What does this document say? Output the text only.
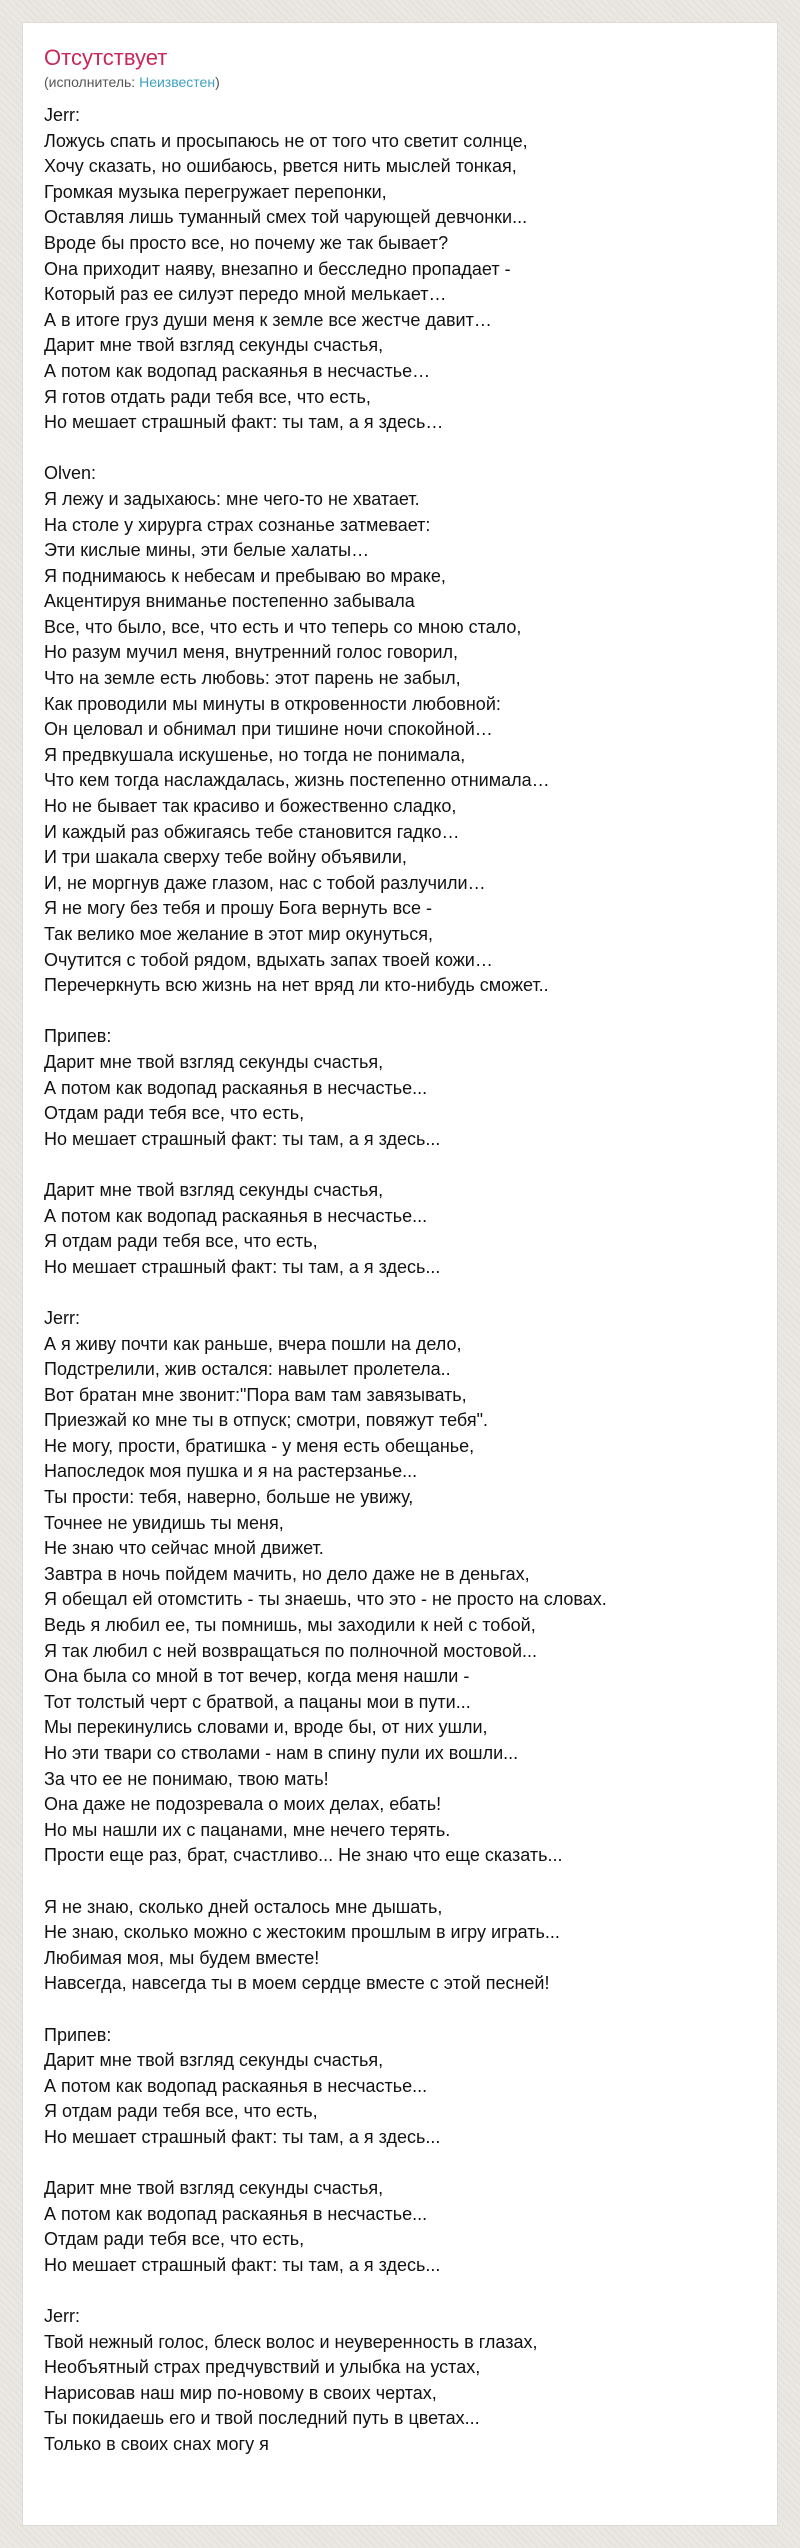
Отсутствует
(исполнитель: Неизвестен)
Jerr:
Ложусь спать и просыпаюсь не от того что светит солнце,
Хочу сказать, но ошибаюсь, рвется нить мыслей тонкая,
Громкая музыка перегружает перепонки,
Оставляя лишь туманный смех той чарующей девчонки...
Вроде бы просто все, но почему же так бывает?
Она приходит наяву, внезапно и бесследно пропадает -
Который раз ее силуэт передо мной мелькает…
А в итоге груз души меня к земле все жестче давит…
Дарит мне твой взгляд секунды счастья,
А потом как водопад раскаянья в несчастье…
Я готов отдать ради тебя все, что есть,
Но мешает страшный факт: ты там, а я здесь…

Olven:
Я лежу и задыхаюсь: мне чего-то не хватает.
На столе у хирурга страх сознанье затмевает:
Эти кислые мины, эти белые халаты…
Я поднимаюсь к небесам и пребываю во мраке,
Акцентируя вниманье постепенно забывала
Все, что было, все, что есть и что теперь со мною стало,
Но разум мучил меня, внутренний голос говорил,
Что на земле есть любовь: этот парень не забыл,
Как проводили мы минуты в откровенности любовной:
Он целовал и обнимал при тишине ночи спокойной…
Я предвкушала искушенье, но тогда не понимала,
Что кем тогда наслаждалась, жизнь постепенно отнимала…
Но не бывает так красиво и божественно сладко,
И каждый раз обжигаясь тебе становится гадко…
И три шакала сверху тебе войну объявили,
И, не моргнув даже глазом, нас с тобой разлучили…
Я не могу без тебя и прошу Бога вернуть все -
Так велико мое желание в этот мир окунуться,
Очутится с тобой рядом, вдыхать запах твоей кожи…
Перечеркнуть всю жизнь на нет вряд ли кто-нибудь сможет..

Припев:
Дарит мне твой взгляд секунды счастья,
А потом как водопад раскаянья в несчастье...
Отдам ради тебя все, что есть,
Но мешает страшный факт: ты там, а я здесь...

Дарит мне твой взгляд секунды счастья,
А потом как водопад раскаянья в несчастье...
Я отдам ради тебя все, что есть,
Но мешает страшный факт: ты там, а я здесь...

Jerr:
А я живу почти как раньше, вчера пошли на дело,
Подстрелили, жив остался: навылет пролетела..
Вот братан мне звонит:"Пора вам там завязывать,
Приезжай ко мне ты в отпуск; смотри, повяжут тебя".
Не могу, прости, братишка - у меня есть обещанье,
Напоследок моя пушка и я на растерзанье...
Ты прости: тебя, наверно, больше не увижу,
Точнее не увидишь ты меня,
Не знаю что сейчас мной движет.
Завтра в ночь пойдем мачить, но дело даже не в деньгах,
Я обещал ей отомстить - ты знаешь, что это - не просто на словах.
Ведь я любил ее, ты помнишь, мы заходили к ней с тобой,
Я так любил с ней возвращаться по полночной мостовой...
Она была со мной в тот вечер, когда меня нашли -
Тот толстый черт с братвой, а пацаны мои в пути...
Мы перекинулись словами и, вроде бы, от них ушли,
Но эти твари со стволами - нам в спину пули их вошли...
За что ее не понимаю, твою мать!
Она даже не подозревала о моих делах, ебать!
Но мы нашли их с пацанами, мне нечего терять.
Прости еще раз, брат, счастливо... Не знаю что еще сказать...

Я не знаю, сколько дней осталось мне дышать,
Не знаю, сколько можно с жестоким прошлым в игру играть...
Любимая моя, мы будем вместе!
Навсегда, навсегда ты в моем сердце вместе с этой песней!

Припев:
Дарит мне твой взгляд секунды счастья,
А потом как водопад раскаянья в несчастье...
Я отдам ради тебя все, что есть,
Но мешает страшный факт: ты там, а я здесь...

Дарит мне твой взгляд секунды счастья,
А потом как водопад раскаянья в несчастье...
Отдам ради тебя все, что есть,
Но мешает страшный факт: ты там, а я здесь...

Jerr:
Твой нежный голос, блеск волос и неуверенность в глазах,
Необъятный страх предчувствий и улыбка на устах,
Нарисовав наш мир по-новому в своих чертах,
Ты покидаешь его и твой последний путь в цветах...
Только в своих снах могу я
